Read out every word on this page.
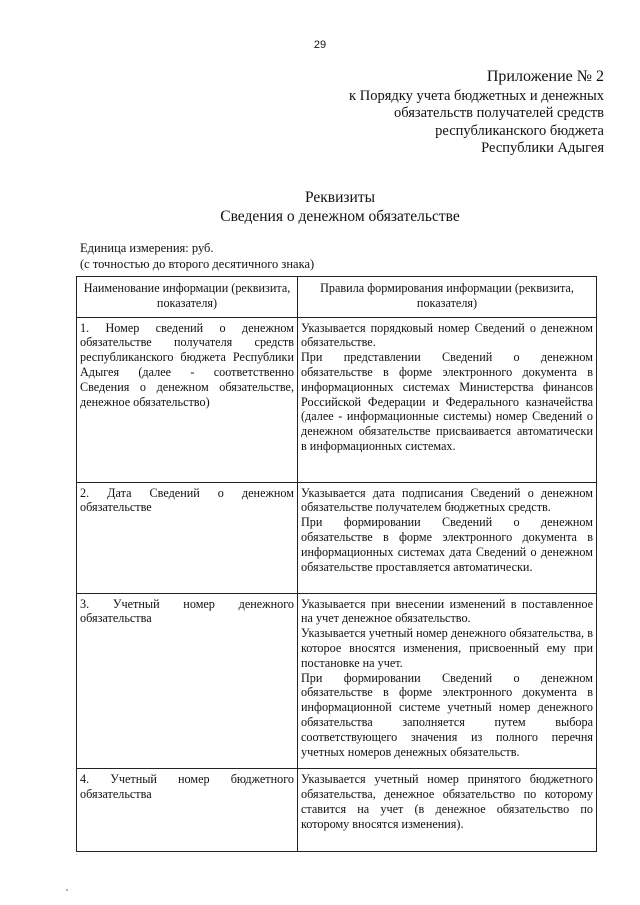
29
Приложение № 2
к Порядку учета бюджетных и денежных
обязательств получателей средств
республиканского бюджета
Республики Адыгея
Реквизиты
Сведения о денежном обязательстве
Единица измерения: руб.
(с точностью до второго десятичного знака)
Наименование информации (реквизита, показателя)	Правила формирования информации (реквизита, показателя)
1. Номер сведений о денежном обязательстве получателя средств республиканского бюджета Республики Адыгея (далее - соответственно Сведения о денежном обязательстве, денежное обязательство)	Указывается порядковый номер Сведений о денежном обязательстве.

При представлении Сведений о денежном обязательстве в форме электронного документа в информационных системах Министерства финансов Российской Федерации и Федерального казначейства (далее - информационные системы) номер Сведений о денежном обязательстве присваивается автоматически в информационных системах.

2. Дата Сведений о денежном обязательстве	Указывается дата подписания Сведений о денежном обязательстве получателем бюджетных средств.

При формировании Сведений о денежном обязательстве в форме электронного документа в информационных системах дата Сведений о денежном обязательстве проставляется автоматически.

3. Учетный номер денежного обязательства	Указывается при внесении изменений в поставленное на учет денежное обязательство.

Указывается учетный номер денежного обязательства, в которое вносятся изменения, присвоенный ему при постановке на учет.

При формировании Сведений о денежном обязательстве в форме электронного документа в информационной системе учетный номер денежного обязательства заполняется путем выбора соответствующего значения из полного перечня учетных номеров денежных обязательств.

4. Учетный номер бюджетного обязательства	Указывается учетный номер принятого бюджетного обязательства, денежное обязательство по которому ставится на учет (в денежное обязательство по которому вносятся изменения).
